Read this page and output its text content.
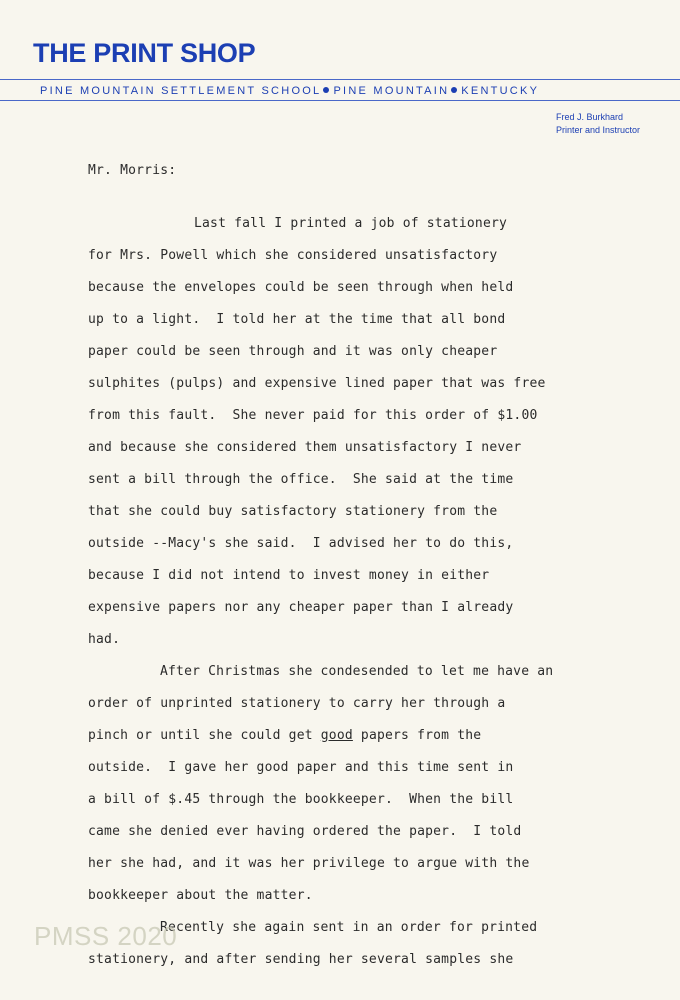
THE PRINT SHOP
PINE MOUNTAIN SETTLEMENT SCHOOL PINE MOUNTAIN KENTUCKY
Fred J. Burkhard
Printer and Instructor
Mr. Morris:
Last fall I printed a job of stationery
for Mrs. Powell which she considered unsatisfactory
because the envelopes could be seen through when held
up to a light.  I told her at the time that all bond
paper could be seen through and it was only cheaper
sulphites (pulps) and expensive lined paper that was free
from this fault.  She never paid for this order of $1.00
and because she considered them unsatisfactory I never
sent a bill through the office.  She said at the time
that she could buy satisfactory stationery from the
outside --Macy's she said.  I advised her to do this,
because I did not intend to invest money in either
expensive papers nor any cheaper paper than I already
had.
After Christmas she condesended to let me have an
order of unprinted stationery to carry her through a
pinch or until she could get good papers from the
outside.  I gave her good paper and this time sent in
a bill of $.45 through the bookkeeper.  When the bill
came she denied ever having ordered the paper.  I told
her she had, and it was her privilege to argue with the
bookkeeper about the matter.
Recently she again sent in an order for printed
stationery, and after sending her several samples she
PMSS 2020
